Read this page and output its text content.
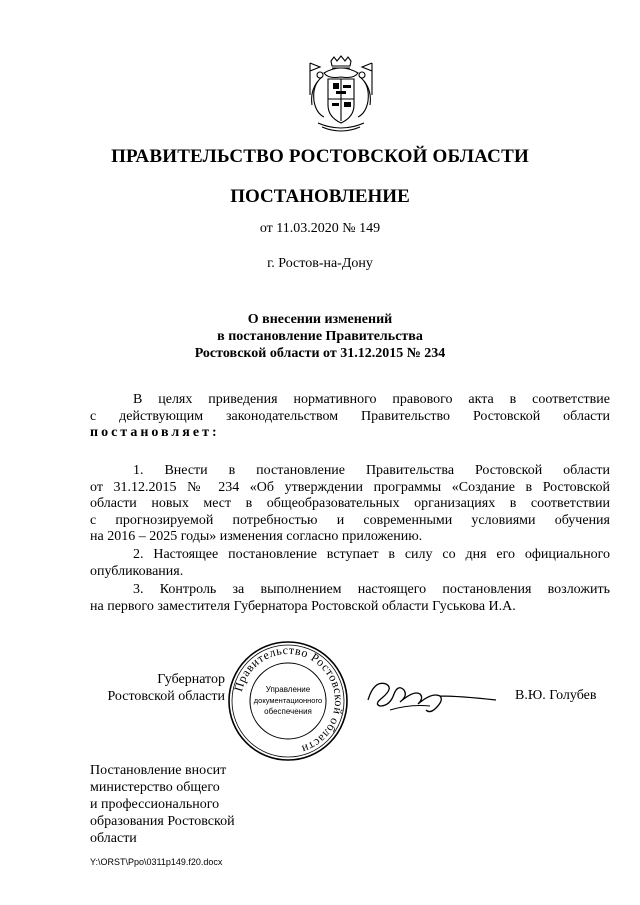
ПРАВИТЕЛЬСТВО РОСТОВСКОЙ ОБЛАСТИ
ПОСТАНОВЛЕНИЕ
от 11.03.2020 № 149
г. Ростов-на-Дону
О внесении изменений
в постановление Правительства
Ростовской области от 31.12.2015 № 234
В целях приведения нормативного правового акта в соответствие
с действующим законодательством Правительство Ростовской области
постановляет:
1. Внести в постановление Правительства Ростовской области
от 31.12.2015 № 234 «Об утверждении программы «Создание в Ростовской
области новых мест в общеобразовательных организациях в соответствии
с прогнозируемой потребностью и современными условиями обучения
на 2016 – 2025 годы» изменения согласно приложению.
2. Настоящее постановление вступает в силу со дня его официального
опубликования.
3. Контроль за выполнением настоящего постановления возложить
на первого заместителя Губернатора Ростовской области Гуськова И.А.
Губернатор
Ростовской области
Правительство Ростовской области
Управление
документационного
обеспечения
В.Ю. Голубев
Постановление вносит
министерство общего
и профессионального
образования Ростовской
области
Y:\ORST\Ppo\0311p149.f20.docx
